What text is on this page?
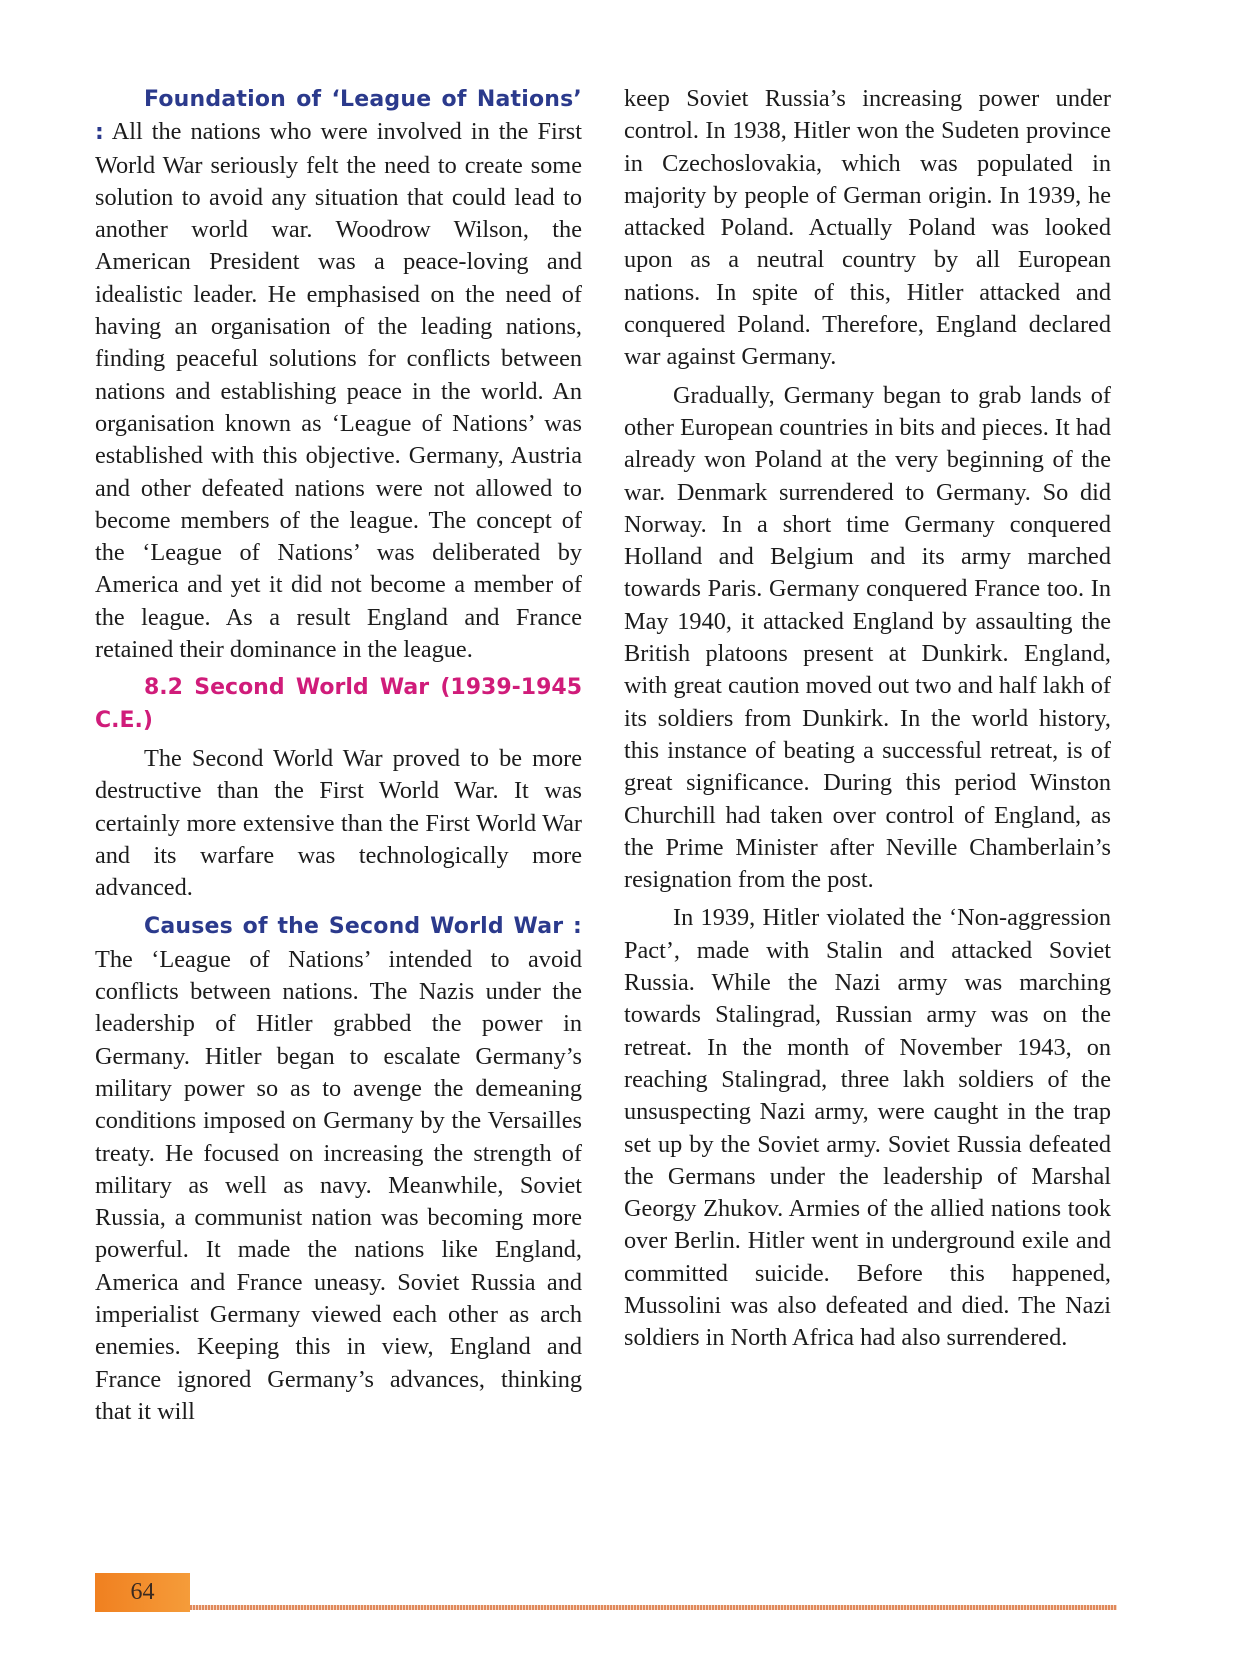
Foundation of ‘League of Nations’ : All the nations who were involved in the First World War seriously felt the need to create some solution to avoid any situation that could lead to another world war. Woodrow Wilson, the American President was a peace-loving and idealistic leader. He emphasised on the need of having an organisation of the leading nations, finding peaceful solutions for conflicts between nations and establishing peace in the world. An organisation known as ‘League of Nations’ was established with this objective. Germany, Austria and other defeated nations were not allowed to become members of the league. The concept of the ‘League of Nations’ was deliberated by America and yet it did not become a member of the league. As a result England and France retained their dominance in the league.

8.2 Second World War (1939-1945 C.E.)

The Second World War proved to be more destructive than the First World War. It was certainly more extensive than the First World War and its warfare was technologically more advanced.

Causes of the Second World War : The ‘League of Nations’ intended to avoid conflicts between nations. The Nazis under the leadership of Hitler grabbed the power in Germany. Hitler began to escalate Germany’s military power so as to avenge the demeaning conditions imposed on Germany by the Versailles treaty. He focused on increasing the strength of military as well as navy. Meanwhile, Soviet Russia, a communist nation was becoming more powerful. It made the nations like England, America and France uneasy. Soviet Russia and imperialist Germany viewed each other as arch enemies. Keeping this in view, England and France ignored Germany’s advances, thinking that it will

keep Soviet Russia’s increasing power under control. In 1938, Hitler won the Sudeten province in Czechoslovakia, which was populated in majority by people of German origin. In 1939, he attacked Poland. Actually Poland was looked upon as a neutral country by all European nations. In spite of this, Hitler attacked and conquered Poland. Therefore, England declared war against Germany.

Gradually, Germany began to grab lands of other European countries in bits and pieces. It had already won Poland at the very beginning of the war. Denmark surrendered to Germany. So did Norway. In a short time Germany conquered Holland and Belgium and its army marched towards Paris. Germany conquered France too. In May 1940, it attacked England by assaulting the British platoons present at Dunkirk. England, with great caution moved out two and half lakh of its soldiers from Dunkirk. In the world history, this instance of beating a successful retreat, is of great significance. During this period Winston Churchill had taken over control of England, as the Prime Minister after Neville Chamberlain’s resignation from the post.

In 1939, Hitler violated the ‘Non-aggression Pact’, made with Stalin and attacked Soviet Russia. While the Nazi army was marching towards Stalingrad, Russian army was on the retreat. In the month of November 1943, on reaching Stalingrad, three lakh soldiers of the unsuspecting Nazi army, were caught in the trap set up by the Soviet army. Soviet Russia defeated the Germans under the leadership of Marshal Georgy Zhukov. Armies of the allied nations took over Berlin. Hitler went in underground exile and committed suicide. Before this happened, Mussolini was also defeated and died. The Nazi soldiers in North Africa had also surrendered.

64
